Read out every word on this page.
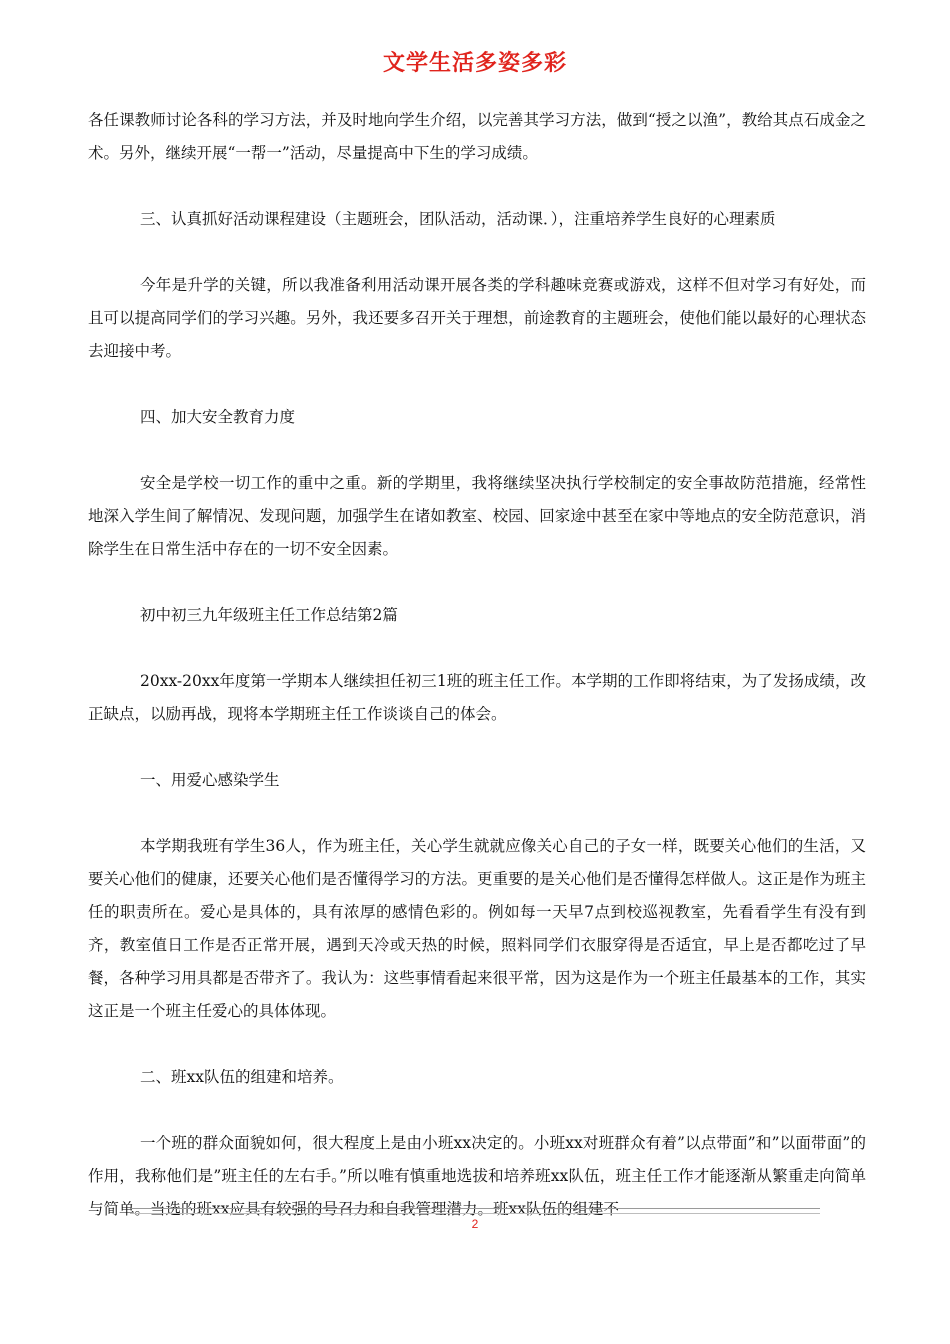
文学生活多姿多彩

各任课教师讨论各科的学习方法，并及时地向学生介绍，以完善其学习方法，做到“授之以渔”，教给其点石成金之术。另外，继续开展“一帮一”活动，尽量提高中下生的学习成绩。

三、认真抓好活动课程建设（主题班会，团队活动，活动课．），注重培养学生良好的心理素质

今年是升学的关键，所以我准备利用活动课开展各类的学科趣味竞赛或游戏，这样不但对学习有好处，而且可以提高同学们的学习兴趣。另外，我还要多召开关于理想，前途教育的主题班会，使他们能以最好的心理状态去迎接中考。

四、加大安全教育力度

安全是学校一切工作的重中之重。新的学期里，我将继续坚决执行学校制定的安全事故防范措施，经常性地深入学生间了解情况、发现问题，加强学生在诸如教室、校园、回家途中甚至在家中等地点的安全防范意识，消除学生在日常生活中存在的一切不安全因素。

初中初三九年级班主任工作总结第2篇

20xx-20xx年度第一学期本人继续担任初三1班的班主任工作。本学期的工作即将结束，为了发扬成绩，改正缺点，以励再战，现将本学期班主任工作谈谈自己的体会。

一、用爱心感染学生

本学期我班有学生36人，作为班主任，关心学生就就应像关心自己的子女一样，既要关心他们的生活，又要关心他们的健康，还要关心他们是否懂得学习的方法。更重要的是关心他们是否懂得怎样做人。这正是作为班主任的职责所在。爱心是具体的，具有浓厚的感情色彩的。例如每一天早7点到校巡视教室，先看看学生有没有到齐，教室值日工作是否正常开展，遇到天冷或天热的时候，照料同学们衣服穿得是否适宜，早上是否都吃过了早餐，各种学习用具都是否带齐了。我认为：这些事情看起来很平常，因为这是作为一个班主任最基本的工作，其实这正是一个班主任爱心的具体体现。

二、班xx队伍的组建和培养。

一个班的群众面貌如何，很大程度上是由小班xx决定的。小班xx对班群众有着”以点带面”和”以面带面”的作用，我称他们是”班主任的左右手。”所以唯有慎重地选拔和培养班xx队伍，班主任工作才能逐渐从繁重走向简单与简单。当选的班xx应具有较强的号召力和自我管理潜力。班xx队伍的组建不

2
